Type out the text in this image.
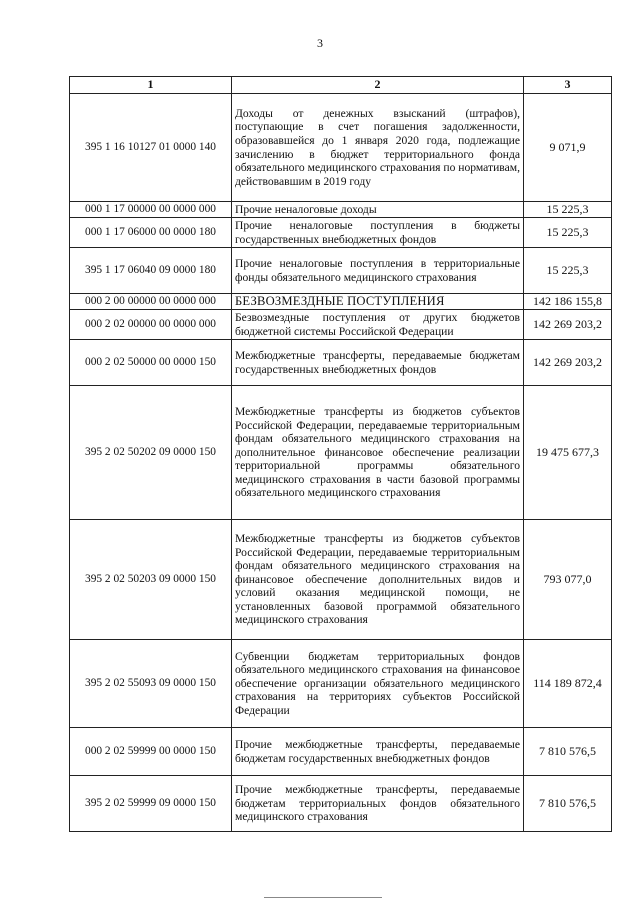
3
1	2	3
395 1 16 10127 01 0000 140	Доходы от денежных взысканий (штрафов), поступающие в счет погашения задолженности, образовавшейся до 1 января 2020 года, подлежащие зачислению в бюджет территориального фонда обязательного медицинского страхования по нормативам, действовавшим в 2019 году	9 071,9
000 1 17 00000 00 0000 000	Прочие неналоговые доходы	15 225,3
000 1 17 06000 00 0000 180	Прочие неналоговые поступления в бюджеты государственных внебюджетных фондов	15 225,3
395 1 17 06040 09 0000 180	Прочие неналоговые поступления в территориальные фонды обязательного медицинского страхования	15 225,3
000 2 00 00000 00 0000 000	БЕЗВОЗМЕЗДНЫЕ ПОСТУПЛЕНИЯ	142 186 155,8
000 2 02 00000 00 0000 000	Безвозмездные поступления от других бюджетов бюджетной системы Российской Федерации	142 269 203,2
000 2 02 50000 00 0000 150	Межбюджетные трансферты, передаваемые бюджетам государственных внебюджетных фондов	142 269 203,2
395 2 02 50202 09 0000 150	Межбюджетные трансферты из бюджетов субъектов Российской Федерации, передаваемые территориальным фондам обязательного медицинского страхования на дополнительное финансовое обеспечение реализации территориальной программы обязательного медицинского страхования в части базовой программы обязательного медицинского страхования	19 475 677,3
395 2 02 50203 09 0000 150	Межбюджетные трансферты из бюджетов субъектов Российской Федерации, передаваемые территориальным фондам обязательного медицинского страхования на финансовое обеспечение дополнительных видов и условий оказания медицинской помощи, не установленных базовой программой обязательного медицинского страхования	793 077,0
395 2 02 55093 09 0000 150	Субвенции бюджетам территориальных фондов обязательного медицинского страхования на финансовое обеспечение организации обязательного медицинского страхования на территориях субъектов Российской Федерации	114 189 872,4
000 2 02 59999 00 0000 150	Прочие межбюджетные трансферты, передаваемые бюджетам государственных внебюджетных фондов	7 810 576,5
395 2 02 59999 09 0000 150	Прочие межбюджетные трансферты, передаваемые бюджетам территориальных фондов обязательного медицинского страхования	7 810 576,5
